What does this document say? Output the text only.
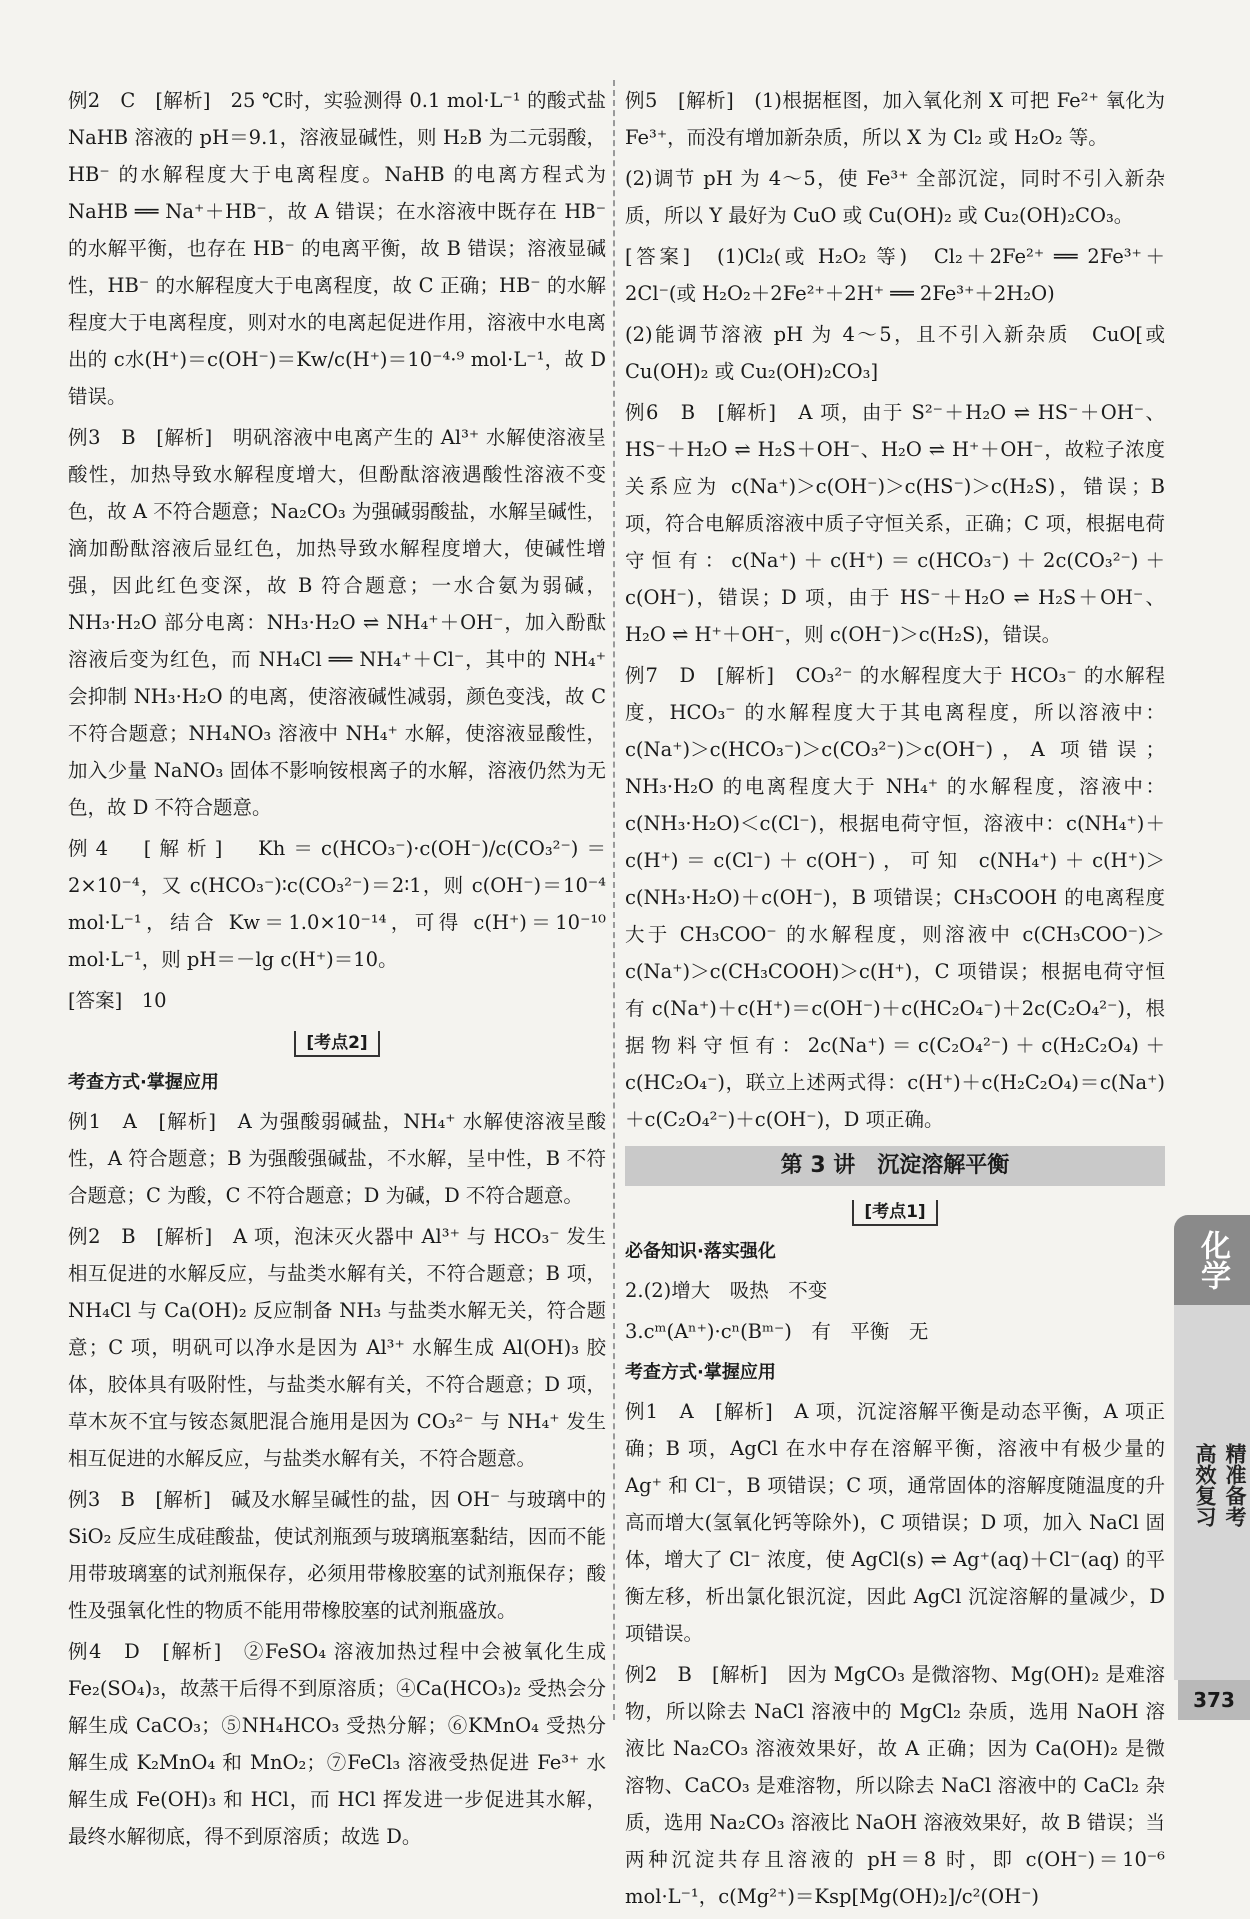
例2　C　[解析]　25 ℃时，实验测得 0.1 mol·L⁻¹ 的酸式盐 NaHB 溶液的 pH＝9.1，溶液显碱性，则 H₂B 为二元弱酸，HB⁻ 的水解程度大于电离程度。NaHB 的电离方程式为 NaHB ══ Na⁺＋HB⁻，故 A 错误；在水溶液中既存在 HB⁻ 的水解平衡，也存在 HB⁻ 的电离平衡，故 B 错误；溶液显碱性，HB⁻ 的水解程度大于电离程度，故 C 正确；HB⁻ 的水解程度大于电离程度，则对水的电离起促进作用，溶液中水电离出的 c水(H⁺)＝c(OH⁻)＝Kw/c(H⁺)＝10⁻⁴·⁹ mol·L⁻¹，故 D 错误。

例3　B　[解析]　明矾溶液中电离产生的 Al³⁺ 水解使溶液呈酸性，加热导致水解程度增大，但酚酞溶液遇酸性溶液不变色，故 A 不符合题意；Na₂CO₃ 为强碱弱酸盐，水解呈碱性，滴加酚酞溶液后显红色，加热导致水解程度增大，使碱性增强，因此红色变深，故 B 符合题意；一水合氨为弱碱，NH₃·H₂O 部分电离：NH₃·H₂O ⇌ NH₄⁺＋OH⁻，加入酚酞溶液后变为红色，而 NH₄Cl ══ NH₄⁺＋Cl⁻，其中的 NH₄⁺ 会抑制 NH₃·H₂O 的电离，使溶液碱性减弱，颜色变浅，故 C 不符合题意；NH₄NO₃ 溶液中 NH₄⁺ 水解，使溶液显酸性，加入少量 NaNO₃ 固体不影响铵根离子的水解，溶液仍然为无色，故 D 不符合题意。

例4　[解析]　Kh＝c(HCO₃⁻)·c(OH⁻)/c(CO₃²⁻)＝2×10⁻⁴，又 c(HCO₃⁻)∶c(CO₃²⁻)＝2∶1，则 c(OH⁻)＝10⁻⁴ mol·L⁻¹，结合 Kw＝1.0×10⁻¹⁴，可得 c(H⁺)＝10⁻¹⁰ mol·L⁻¹，则 pH＝－lg c(H⁺)＝10。

[答案]　10

[考点2]
考查方式·掌握应用

例1　A　[解析]　A 为强酸弱碱盐，NH₄⁺ 水解使溶液呈酸性，A 符合题意；B 为强酸强碱盐，不水解，呈中性，B 不符合题意；C 为酸，C 不符合题意；D 为碱，D 不符合题意。

例2　B　[解析]　A 项，泡沫灭火器中 Al³⁺ 与 HCO₃⁻ 发生相互促进的水解反应，与盐类水解有关，不符合题意；B 项，NH₄Cl 与 Ca(OH)₂ 反应制备 NH₃ 与盐类水解无关，符合题意；C 项，明矾可以净水是因为 Al³⁺ 水解生成 Al(OH)₃ 胶体，胶体具有吸附性，与盐类水解有关，不符合题意；D 项，草木灰不宜与铵态氮肥混合施用是因为 CO₃²⁻ 与 NH₄⁺ 发生相互促进的水解反应，与盐类水解有关，不符合题意。

例3　B　[解析]　碱及水解呈碱性的盐，因 OH⁻ 与玻璃中的 SiO₂ 反应生成硅酸盐，使试剂瓶颈与玻璃瓶塞黏结，因而不能用带玻璃塞的试剂瓶保存，必须用带橡胶塞的试剂瓶保存；酸性及强氧化性的物质不能用带橡胶塞的试剂瓶盛放。

例4　D　[解析]　②FeSO₄ 溶液加热过程中会被氧化生成 Fe₂(SO₄)₃，故蒸干后得不到原溶质；④Ca(HCO₃)₂ 受热会分解生成 CaCO₃；⑤NH₄HCO₃ 受热分解；⑥KMnO₄ 受热分解生成 K₂MnO₄ 和 MnO₂；⑦FeCl₃ 溶液受热促进 Fe³⁺ 水解生成 Fe(OH)₃ 和 HCl，而 HCl 挥发进一步促进其水解，最终水解彻底，得不到原溶质；故选 D。

例5　[解析]　(1)根据框图，加入氧化剂 X 可把 Fe²⁺ 氧化为 Fe³⁺，而没有增加新杂质，所以 X 为 Cl₂ 或 H₂O₂ 等。

(2)调节 pH 为 4～5，使 Fe³⁺ 全部沉淀，同时不引入新杂质，所以 Y 最好为 CuO 或 Cu(OH)₂ 或 Cu₂(OH)₂CO₃。

[答案]　(1)Cl₂(或 H₂O₂ 等)　Cl₂＋2Fe²⁺ ══ 2Fe³⁺＋2Cl⁻(或 H₂O₂＋2Fe²⁺＋2H⁺ ══ 2Fe³⁺＋2H₂O)

(2)能调节溶液 pH 为 4～5，且不引入新杂质　CuO[或Cu(OH)₂ 或 Cu₂(OH)₂CO₃]

例6　B　[解析]　A 项，由于 S²⁻＋H₂O ⇌ HS⁻＋OH⁻、HS⁻＋H₂O ⇌ H₂S＋OH⁻、H₂O ⇌ H⁺＋OH⁻，故粒子浓度关系应为 c(Na⁺)＞c(OH⁻)＞c(HS⁻)＞c(H₂S)，错误；B 项，符合电解质溶液中质子守恒关系，正确；C 项，根据电荷守恒有：c(Na⁺)＋c(H⁺)＝c(HCO₃⁻)＋2c(CO₃²⁻)＋c(OH⁻)，错误；D 项，由于 HS⁻＋H₂O ⇌ H₂S＋OH⁻、H₂O ⇌ H⁺＋OH⁻，则 c(OH⁻)＞c(H₂S)，错误。

例7　D　[解析]　CO₃²⁻ 的水解程度大于 HCO₃⁻ 的水解程度，HCO₃⁻ 的水解程度大于其电离程度，所以溶液中：c(Na⁺)＞c(HCO₃⁻)＞c(CO₃²⁻)＞c(OH⁻)，A 项错误；NH₃·H₂O 的电离程度大于 NH₄⁺ 的水解程度，溶液中：c(NH₃·H₂O)＜c(Cl⁻)，根据电荷守恒，溶液中：c(NH₄⁺)＋c(H⁺)＝c(Cl⁻)＋c(OH⁻)，可知 c(NH₄⁺)＋c(H⁺)＞c(NH₃·H₂O)＋c(OH⁻)，B 项错误；CH₃COOH 的电离程度大于 CH₃COO⁻ 的水解程度，则溶液中 c(CH₃COO⁻)＞c(Na⁺)＞c(CH₃COOH)＞c(H⁺)，C 项错误；根据电荷守恒有 c(Na⁺)＋c(H⁺)＝c(OH⁻)＋c(HC₂O₄⁻)＋2c(C₂O₄²⁻)，根据物料守恒有：2c(Na⁺)＝c(C₂O₄²⁻)＋c(H₂C₂O₄)＋c(HC₂O₄⁻)，联立上述两式得：c(H⁺)＋c(H₂C₂O₄)＝c(Na⁺)＋c(C₂O₄²⁻)＋c(OH⁻)，D 项正确。

第 3 讲　沉淀溶解平衡
[考点1]
必备知识·落实强化

2.(2)增大　吸热　不变

3.cᵐ(Aⁿ⁺)·cⁿ(Bᵐ⁻)　有　平衡　无

考查方式·掌握应用

例1　A　[解析]　A 项，沉淀溶解平衡是动态平衡，A 项正确；B 项，AgCl 在水中存在溶解平衡，溶液中有极少量的 Ag⁺ 和 Cl⁻，B 项错误；C 项，通常固体的溶解度随温度的升高而增大(氢氧化钙等除外)，C 项错误；D 项，加入 NaCl 固体，增大了 Cl⁻ 浓度，使 AgCl(s) ⇌ Ag⁺(aq)＋Cl⁻(aq) 的平衡左移，析出氯化银沉淀，因此 AgCl 沉淀溶解的量减少，D 项错误。

例2　B　[解析]　因为 MgCO₃ 是微溶物、Mg(OH)₂ 是难溶物，所以除去 NaCl 溶液中的 MgCl₂ 杂质，选用 NaOH 溶液比 Na₂CO₃ 溶液效果好，故 A 正确；因为 Ca(OH)₂ 是微溶物、CaCO₃ 是难溶物，所以除去 NaCl 溶液中的 CaCl₂ 杂质，选用 Na₂CO₃ 溶液比 NaOH 溶液效果好，故 B 错误；当两种沉淀共存且溶液的 pH＝8 时，即 c(OH⁻)＝10⁻⁶ mol·L⁻¹，c(Mg²⁺)＝Ksp[Mg(OH)₂]/c²(OH⁻)

化学
精准备考
高效复习
373
